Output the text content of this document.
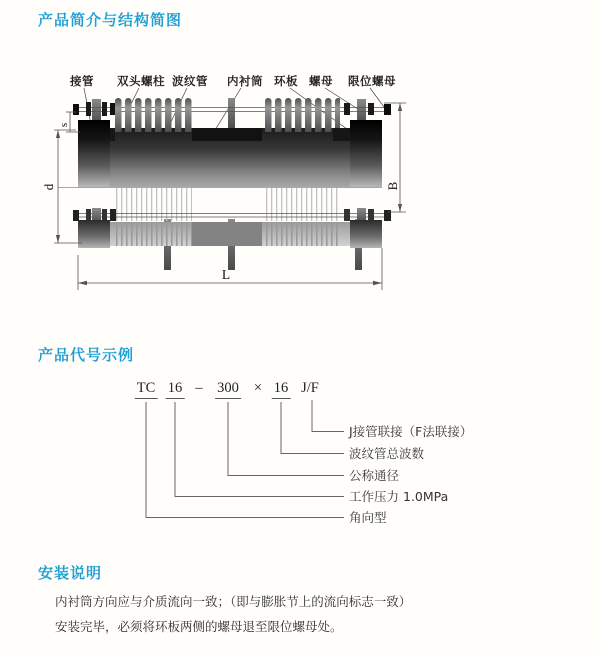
产品简介与结构简图
接管 双头螺柱 波纹管 内衬筒 环板 螺母 限位螺母
s
d	B
L
产品代号示例
TC 16 – 300 × 16 J/F
J接管联接（F法联接）
波纹管总波数
公称通径
工作压力 1.0MPa
角向型
安装说明

内衬筒方向应与介质流向一致；（即与膨胀节上的流向标志一致）

安装完毕，必须将环板两侧的螺母退至限位螺母处。
